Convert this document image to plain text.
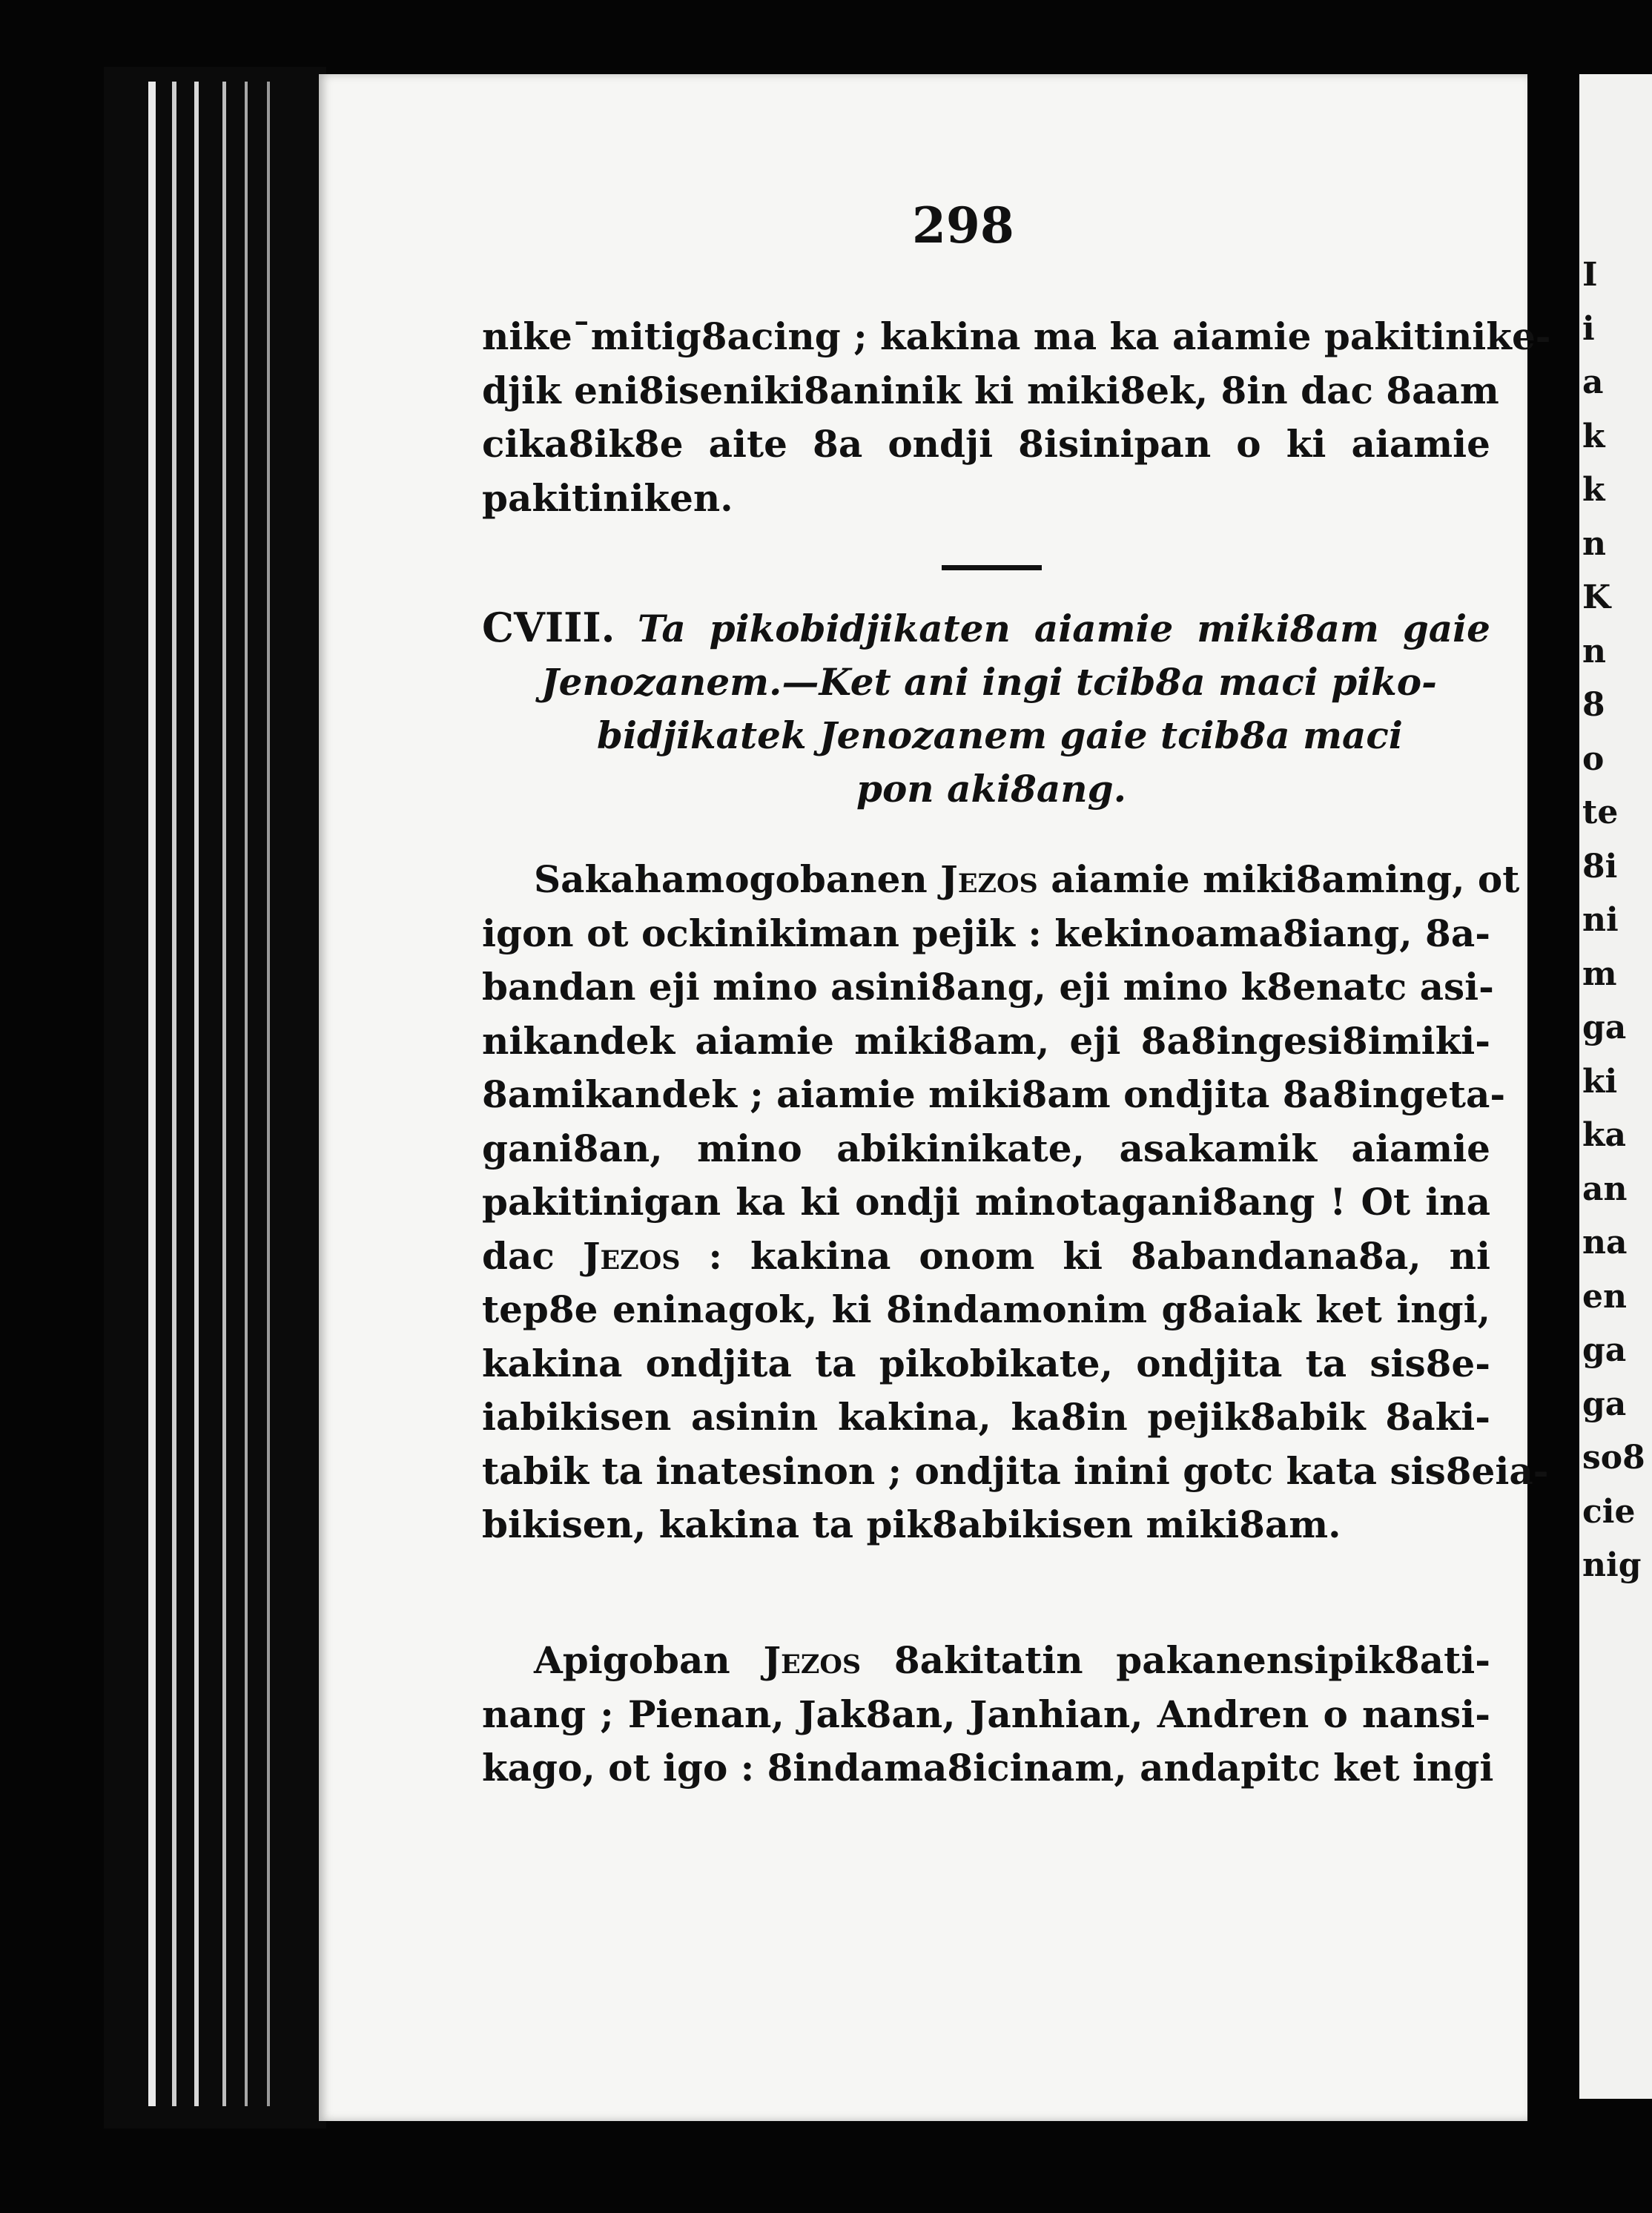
I
i
a
k
k
n
K
n
8
o
te
8i
ni
m
ga
ki
ka
an
na
en
ga
ga
so8
cie
nig
298
nikeˉmitig8acing ; kakina ma ka aiamie pakitinike-
djik eni8iseniki8aninik ki miki8ek, 8in dac 8aam
cika8ik8e aite 8a ondji 8isinipan o ki aiamie
pakitiniken.
CVIII. Ta pikobidjikaten aiamie miki8am gaie
Jenozanem.—Ket ani ingi tcib8a maci piko-
bidjikatek Jenozanem gaie tcib8a maci
pon aki8ang.
Sakahamogobanen Jezos aiamie miki8aming, ot
igon ot ockinikiman pejik : kekinoama8iang, 8a-
bandan eji mino asini8ang, eji mino k8enatc asi-
nikandek aiamie miki8am, eji 8a8ingesi8imiki-
8amikandek ; aiamie miki8am ondjita 8a8ingeta-
gani8an, mino abikinikate, asakamik aiamie
pakitinigan ka ki ondji minotagani8ang ! Ot ina
dac Jezos : kakina onom ki 8abandana8a, ni
tep8e eninagok, ki 8indamonim g8aiak ket ingi,
kakina ondjita ta pikobikate, ondjita ta sis8e-
iabikisen asinin kakina, ka8in pejik8abik 8aki-
tabik ta inatesinon ; ondjita inini gotc kata sis8eia-
bikisen, kakina ta pik8abikisen miki8am.
Apigoban Jezos 8akitatin pakanensipik8ati-
nang ; Pienan, Jak8an, Janhian, Andren o nansi-
kago, ot igo : 8indama8icinam, andapitc ket ingi
